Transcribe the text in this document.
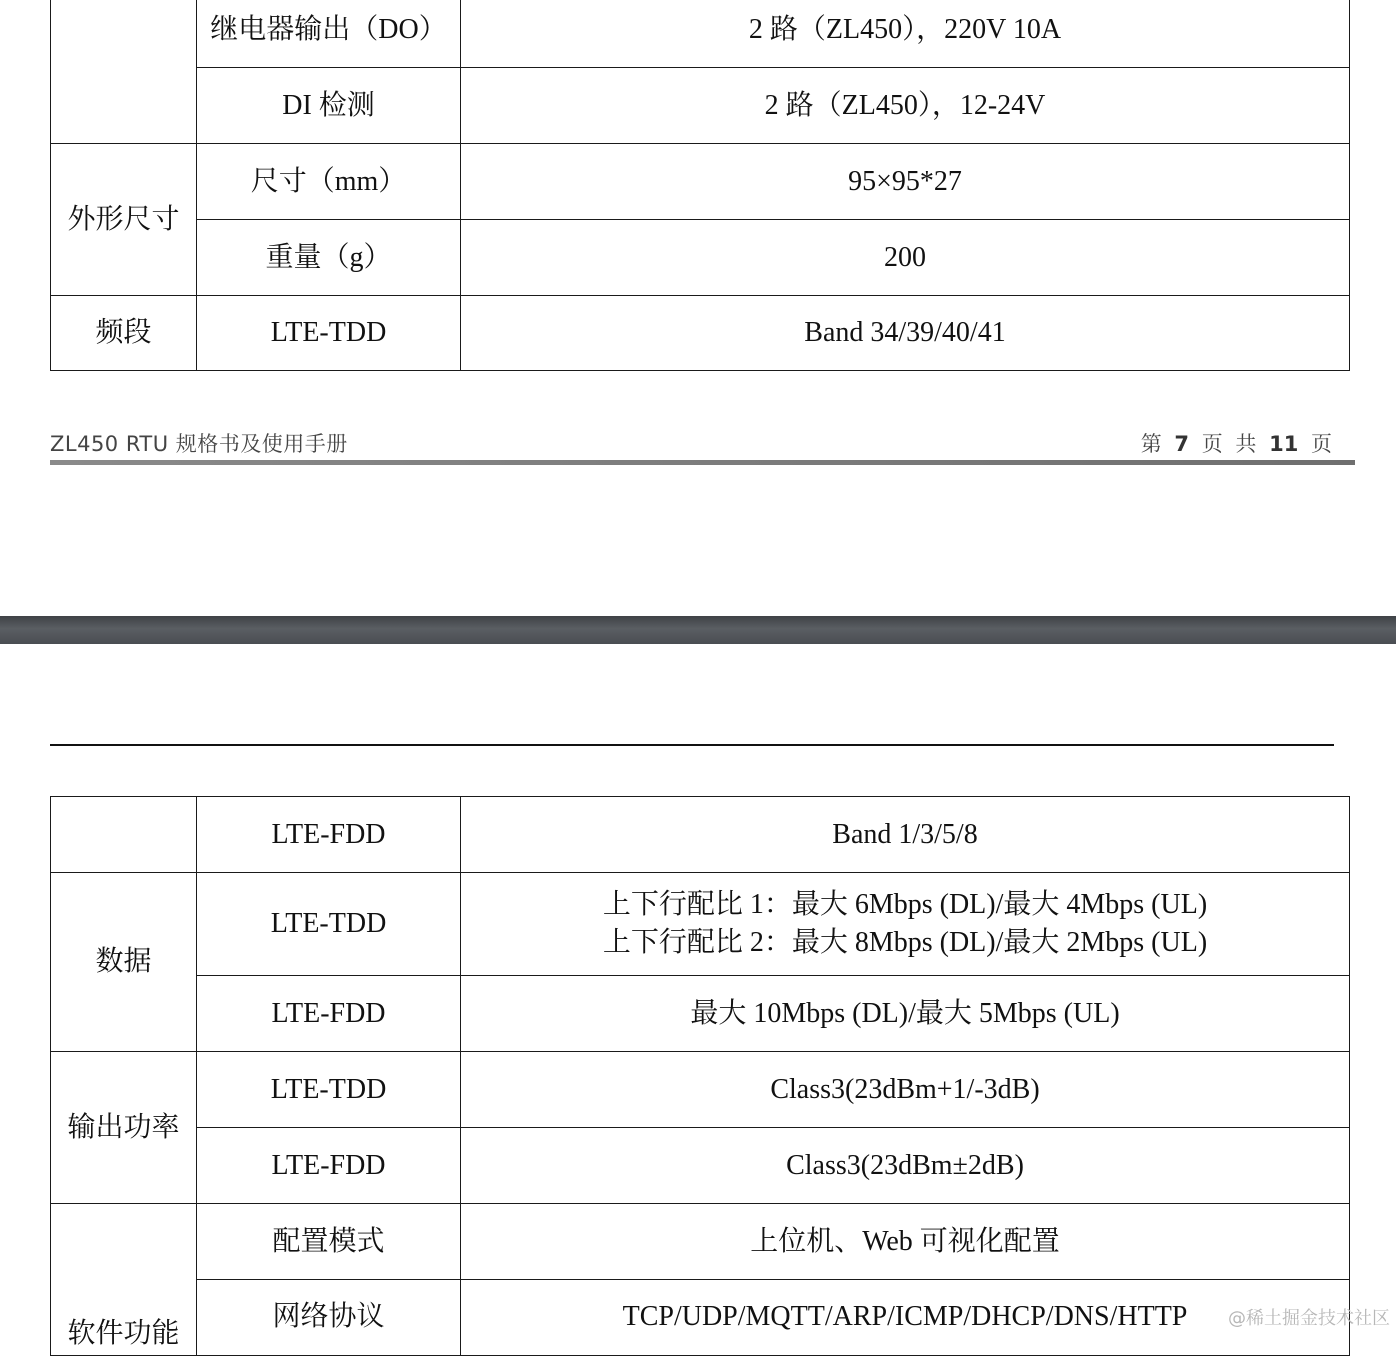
	继电器输出（DO）	2 路（ZL450），220V 10A
	DI 检测	2 路（ZL450），12-24V
外形尺寸	尺寸（mm）	95×95*27
	重量（g）	200
频段	LTE-TDD	Band 34/39/40/41
ZL450 RTU 规格书及使用手册	第 7 页 共 11 页
	LTE-FDD	Band 1/3/5/8
数据	LTE-TDD	上下行配比 1：最大 6Mbps (DL)/最大 4Mbps (UL)
上下行配比 2：最大 8Mbps (DL)/最大 2Mbps (UL)

	LTE-FDD	最大 10Mbps (DL)/最大 5Mbps (UL)
输出功率	LTE-TDD	Class3(23dBm+1/-3dB)
	LTE-FDD	Class3(23dBm±2dB)
软件功能	配置模式	上位机、Web 可视化配置
	网络协议	TCP/UDP/MQTT/ARP/ICMP/DHCP/DNS/HTTP @稀土掘金技术社区
